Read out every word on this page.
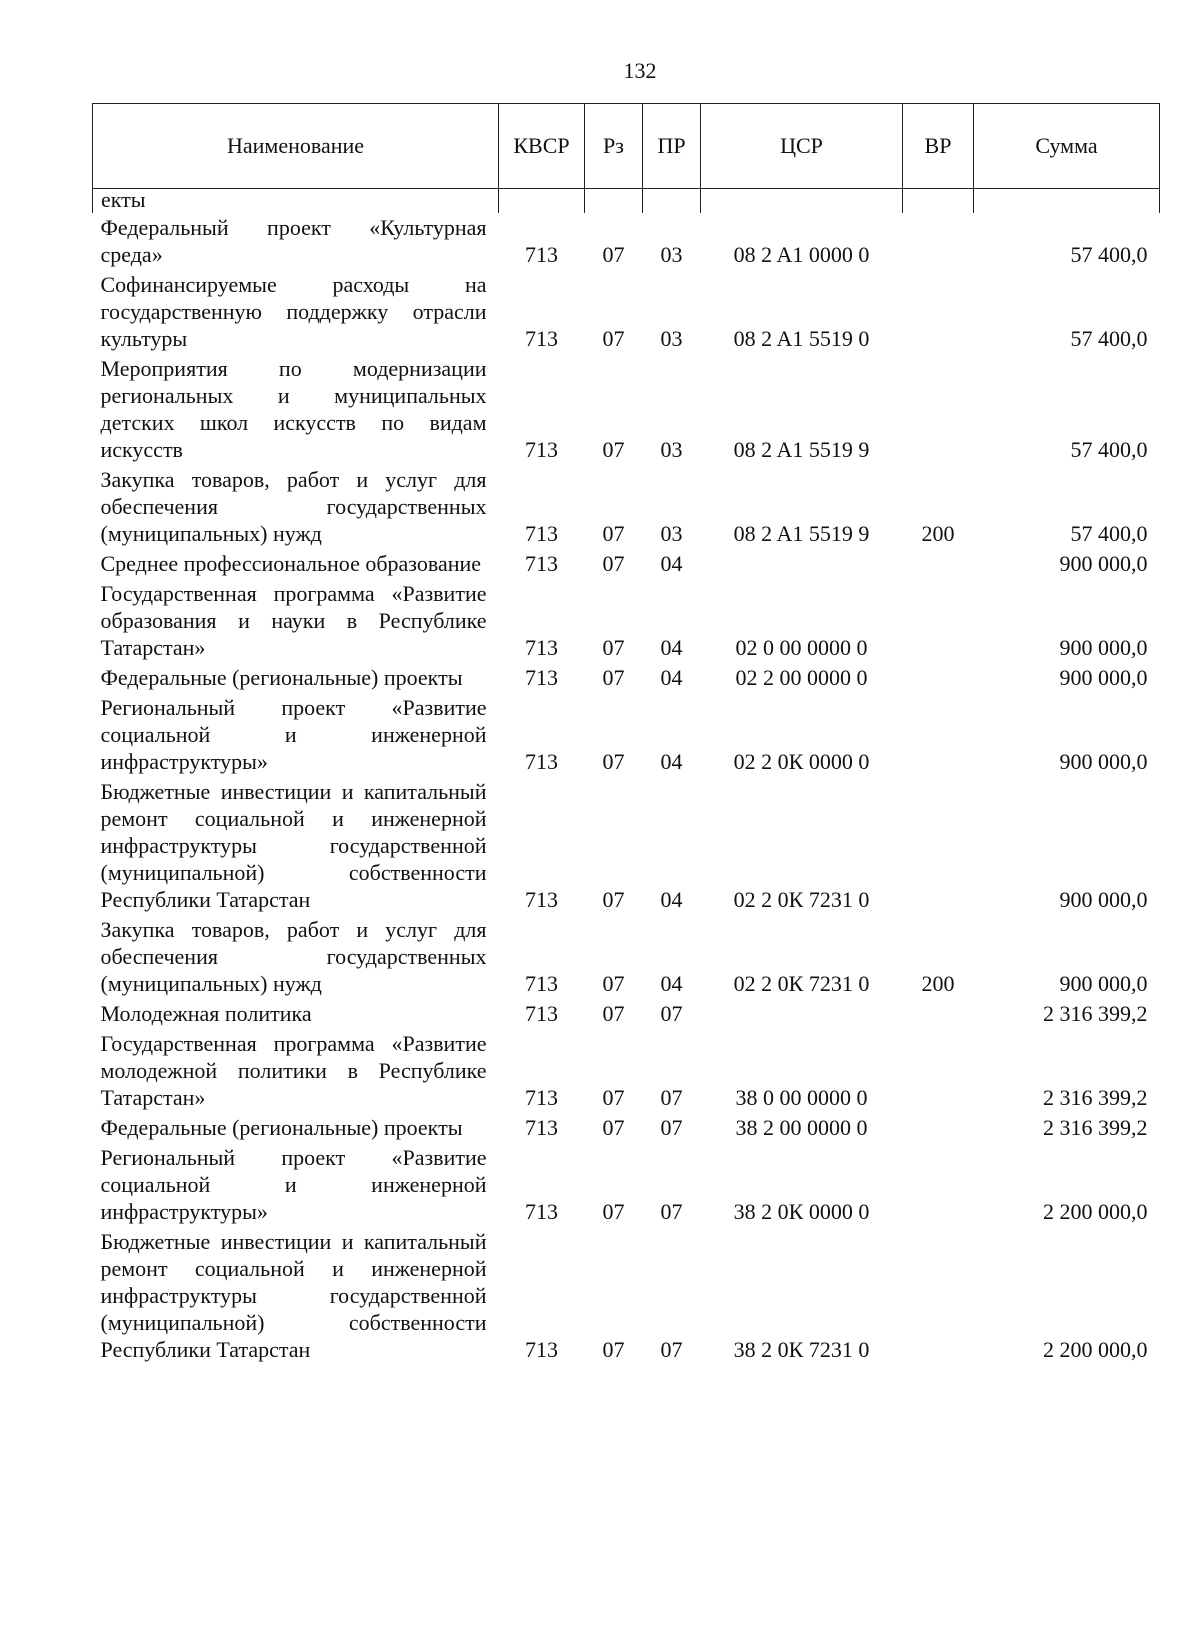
132
Наименование	КВСР	Рз	ПР	ЦСР	ВР	Сумма
екты						
Федеральный проект «Культурная среда»	713	07	03	08 2 A1 0000 0		57 400,0
Софинансируемые расходы на государственную поддержку отрасли культуры	713	07	03	08 2 A1 5519 0		57 400,0
Мероприятия по модернизации региональных и муниципальных детских школ искусств по видам искусств	713	07	03	08 2 A1 5519 9		57 400,0
Закупка товаров, работ и услуг для обеспечения государственных (муниципальных) нужд	713	07	03	08 2 A1 5519 9	200	57 400,0
Среднее профессиональное образование	713	07	04			900 000,0
Государственная программа «Развитие образования и науки в Республике Татарстан»	713	07	04	02 0 00 0000 0		900 000,0
Федеральные (региональные) проекты	713	07	04	02 2 00 0000 0		900 000,0
Региональный проект «Развитие социальной и инженерной инфраструктуры»	713	07	04	02 2 0К 0000 0		900 000,0
Бюджетные инвестиции и капитальный ремонт социальной и инженерной инфраструктуры государственной (муниципальной) собственности Республики Татарстан	713	07	04	02 2 0К 7231 0		900 000,0
Закупка товаров, работ и услуг для обеспечения государственных (муниципальных) нужд	713	07	04	02 2 0К 7231 0	200	900 000,0
Молодежная политика	713	07	07			2 316 399,2
Государственная программа «Развитие молодежной политики в Республике Татарстан»	713	07	07	38 0 00 0000 0		2 316 399,2
Федеральные (региональные) проекты	713	07	07	38 2 00 0000 0		2 316 399,2
Региональный проект «Развитие социальной и инженерной инфраструктуры»	713	07	07	38 2 0К 0000 0		2 200 000,0
Бюджетные инвестиции и капитальный ремонт социальной и инженерной инфраструктуры государственной (муниципальной) собственности Республики Татарстан	713	07	07	38 2 0К 7231 0		2 200 000,0
